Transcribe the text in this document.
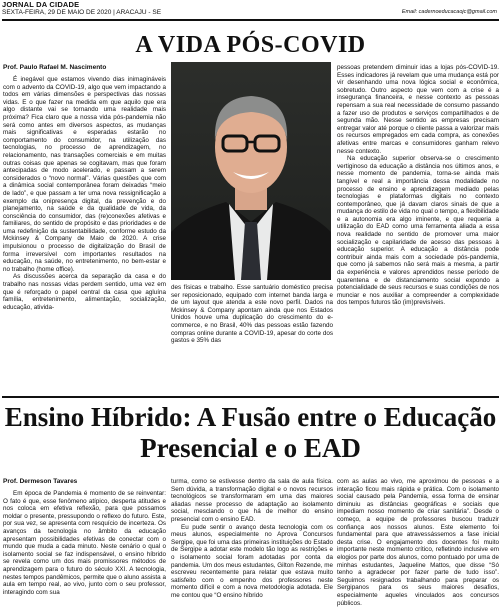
JORNAL DA CIDADE
SEXTA-FEIRA, 29 DE MAIO DE 2020 | ARACAJU - SE	Email: cadernoeducacaojc@gmail.com
A VIDA PÓS-COVID
Prof. Paulo Rafael M. Nascimento

É inegável que estamos vivendo dias inimagináveis com o advento da COVID-19, algo que vem impactando a todos em várias dimensões e perspectivas das nossas vidas. E o que fazer na medida em que aquilo que era algo distante vai se tornando uma realidade mais próxima? Fica claro que a nossa vida pós-pandemia não será como antes em diversos aspectos, as mudanças mais significativas e esperadas estarão no comportamento do consumidor, na utilização das tecnologias, no processo de aprendizagem, no relacionamento, nas transações comerciais e em muitas outras coisas que apenas se cogitavam, mas que foram antecipadas de modo acelerado, e passam a serem considerados o “novo normal”. Várias questões que com a dinâmica social contemporânea foram deixadas “meio de lado”, e que passam a ter uma nova ressignificação a exemplo da onipresença digital, da prevenção e do planejamento, na saúde e da qualidade de vida, da consciência do consumidor, das (re)conexões afetivas e familiares, do sentido de propósito e das prioridades e de uma redefinição da sustentabilidade, conforme estudo da Mckinsey & Company de Maio de 2020. A crise impulsionou o processo de digitalização do Brasil de forma irreversível com importantes resultados na educação, na saúde, no entretenimento, no bem-estar e no trabalho (home office).

As discussões acerca da separação da casa e do trabalho nas nossas vidas perdem sentido, uma vez em que é reforçado o papel central da casa que agluína família, entretenimento, alimentação, socialização, educação, ativida-

des físicas e trabalho. Esse santuário doméstico precisa ser reposicionado, equipado com internet banda larga e de um layout que atenda a este novo perfil. Dados na Mckinsey & Company apontam ainda que nos Estados Unidos houve uma duplicação do crescimento do e-commerce, e no Brasil, 40% das pessoas estão fazendo compras online durante a COVID-19, apesar do corte dos gastos e 35% das

pessoas pretendem diminuir idas a lojas pós-COVID-19. Esses indicadores já revelam que uma mudança está por vir desenhando uma nova lógica social e econômica, sobretudo. Outro aspecto que vem com a crise é a insegurança financeira, e nesse contexto as pessoas repensam a sua real necessidade de consumo passando a fazer uso de produtos e serviços compartilhados e de segunda mão. Nesse sentido as empresas precisam entregar valor até porque o cliente passa a valorizar mais os recursos empregados em cada compra, as conexões afetivas entre marcas e consumidores ganham relevo nesse contexto.

Na educação superior observa-se o crescimento vertiginoso da educação a distância nos últimos anos, e nesse momento de pandemia, torna-se ainda mais tangível e real a importância dessa modalidade no processo de ensino e aprendizagem mediado pelas tecnologias e plataformas digitais no contexto contemporâneo, que já davam claros sinais de que a mudança do estilo de vida no qual o tempo, a flexibilidade e a autonomia era algo iminente, e que requeria a utilização do EAD como uma ferramenta aliada a essa nova realidade no sentido de promover uma maior socialização e capilaridade de acesso das pessoas à educação superior. A educação a distância pode contribuir ainda mais com a sociedade pós-pandemia, que como já sabemos não será mais a mesma, a partir da experiência e valores aprendidos nesse período de quarentena e de distanciamento social expondo a potencialidade de seus recursos e suas condições de nos munciar e nos auxiliar a compreender a complexidade dos tempos futuros tão (im)previsíveis.

Ensino Híbrido: A Fusão entre o Educação Presencial e o EAD
Prof. Dermeson Tavares

Em época de Pandemia é momento de se reinventar: O fato é que, esse fenômeno atípico, desperta atitudes e nos coloca em efetiva reflexão, para que possamos moldar o presente, pressupondo o reflexo do futuro. Este, por sua vez, se apresenta com resquício de incerteza. Os avanços da tecnologia no âmbito da educação apresentam possibilidades efetivas de conectar com o mundo que muda a cada minuto. Neste cenário o qual o isolamento social se faz indispensável, o ensino híbrido se revela como um dos mais promissores métodos de aprendizagem para o futuro do século XXI. A tecnologia, nestes tempos pandêmicos, permite que o aluno assista a aula em tempo real, ao vivo, junto com o seu professor, interagindo com sua

turma, como se estivesse dentro da sala de aula física. Sem dúvida, a transformação digital e o novos recursos tecnológicos se transformaram em uma das maiores aliadas nesse processo de adaptação ao isolamento social, mesclando o que há de melhor do ensino presencial com o ensino EAD.

Eu pude sentir o avanço desta tecnologia com os meus alunos, especialmente no Aprova Concursos Sergipe, que foi uma das primeiras instituições do Estado de Sergipe a adotar este modelo tão logo as restrições e o isolamento social foram adotadas por conta da pandemia. Um dos meus estudantes, Gilton Rezende, me escreveu recentemente para relatar que estava muito satisfeito com o empenho dos professores neste momento difícil e com a nova metodologia adotada. Ele me contou que “O ensino híbrido

com as aulas ao vivo, me aproximou de pessoas e a interação ficou mais rápida e prática. Com o isolamento social causado pela Pandemia, essa forma de ensinar diminuiu as distâncias geográficas e sociais que impediam nosso momento de criar sanitária”. Desde o começo, a equipe de professores buscou traduzir confiança aos nossos alunos. Este elemento foi fundamental para que atravessássemos a fase inicial desta crise. O engajamento dos docentes foi muito importante neste momento crítico, refletindo inclusive em elogios por parte dos alunos, como pontuado por uma de minhas estudantes, Jaqueline Mattos, que disse “Só tenho a agradecer por fazer parte de tudo isso”. Seguimos resignados trabalhando para preparar os Sergipanos para os seus maiores desafios, especialmente aqueles vinculados aos concursos públicos.
